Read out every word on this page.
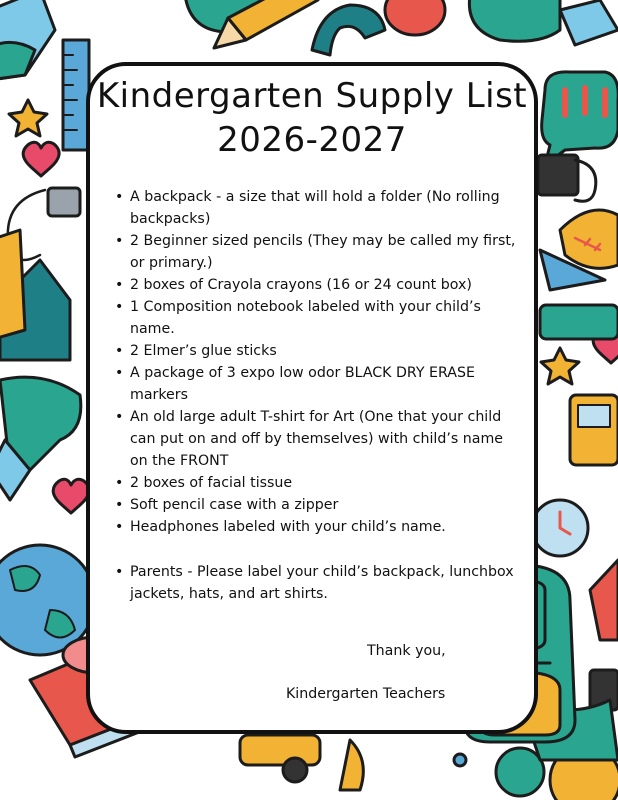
Kindergarten Supply List
2026-2027
• A backpack - a size that will hold a folder (No rolling backpacks)
• 2 Beginner sized pencils (They may be called my first, or primary.)
• 2 boxes of Crayola crayons (16 or 24 count box)
• 1 Composition notebook labeled with your child’s name.
• 2 Elmer’s glue sticks
• A package of 3 expo low odor BLACK DRY ERASE markers
• An old large adult T-shirt for Art (One that your child can put on and off by themselves) with child’s name on the FRONT
• 2 boxes of facial tissue
• Soft pencil case with a zipper
• Headphones labeled with your child’s name.
• Parents - Please label your child’s backpack, lunchbox jackets, hats, and art shirts.
Thank you,
Kindergarten Teachers
